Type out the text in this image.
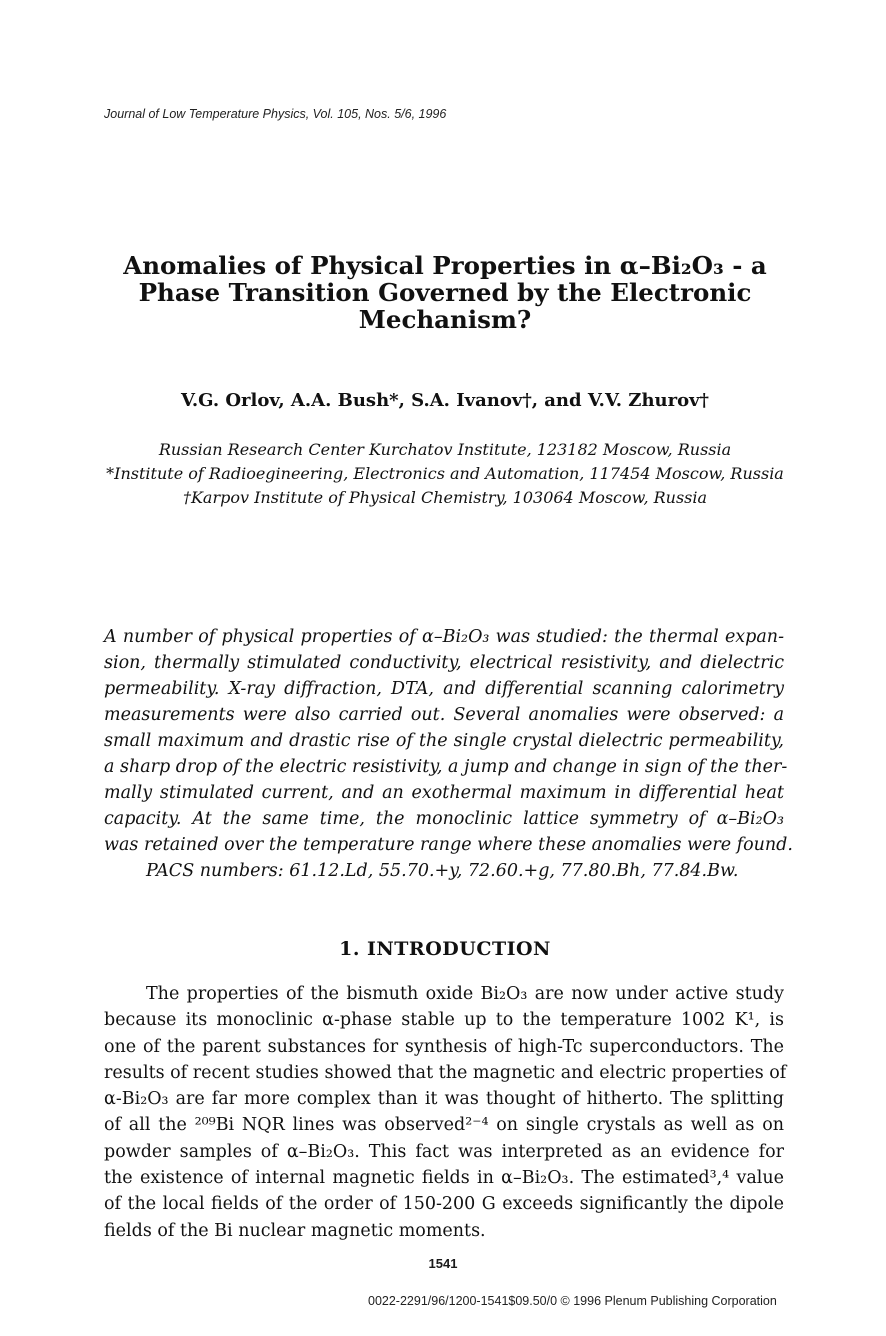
Journal of Low Temperature Physics, Vol. 105, Nos. 5/6, 1996
Anomalies of Physical Properties in α–Bi₂O₃ - a
Phase Transition Governed by the Electronic
Mechanism?
V.G. Orlov, A.A. Bush*, S.A. Ivanov†, and V.V. Zhurov†
Russian Research Center Kurchatov Institute, 123182 Moscow, Russia
*Institute of Radioegineering, Electronics and Automation, 117454 Moscow, Russia
†Karpov Institute of Physical Chemistry, 103064 Moscow, Russia
A number of physical properties of α–Bi₂O₃ was studied: the thermal expan-
sion, thermally stimulated conductivity, electrical resistivity, and dielectric
permeability. X-ray diffraction, DTA, and differential scanning calorimetry
measurements were also carried out. Several anomalies were observed: a
small maximum and drastic rise of the single crystal dielectric permeability,
a sharp drop of the electric resistivity, a jump and change in sign of the ther-
mally stimulated current, and an exothermal maximum in differential heat
capacity. At the same time, the monoclinic lattice symmetry of α–Bi₂O₃
was retained over the temperature range where these anomalies were found.
PACS numbers: 61.12.Ld, 55.70.+y, 72.60.+g, 77.80.Bh, 77.84.Bw.
1. INTRODUCTION
The properties of the bismuth oxide Bi₂O₃ are now under active study
because its monoclinic α-phase stable up to the temperature 1002 K¹, is
one of the parent substances for synthesis of high-Tc superconductors. The
results of recent studies showed that the magnetic and electric properties of
α-Bi₂O₃ are far more complex than it was thought of hitherto. The splitting
of all the ²⁰⁹Bi NQR lines was observed²⁻⁴ on single crystals as well as on
powder samples of α–Bi₂O₃. This fact was interpreted as an evidence for
the existence of internal magnetic fields in α–Bi₂O₃. The estimated³,⁴ value
of the local fields of the order of 150-200 G exceeds significantly the dipole
fields of the Bi nuclear magnetic moments.
1541
0022-2291/96/1200-1541$09.50/0 © 1996 Plenum Publishing Corporation
